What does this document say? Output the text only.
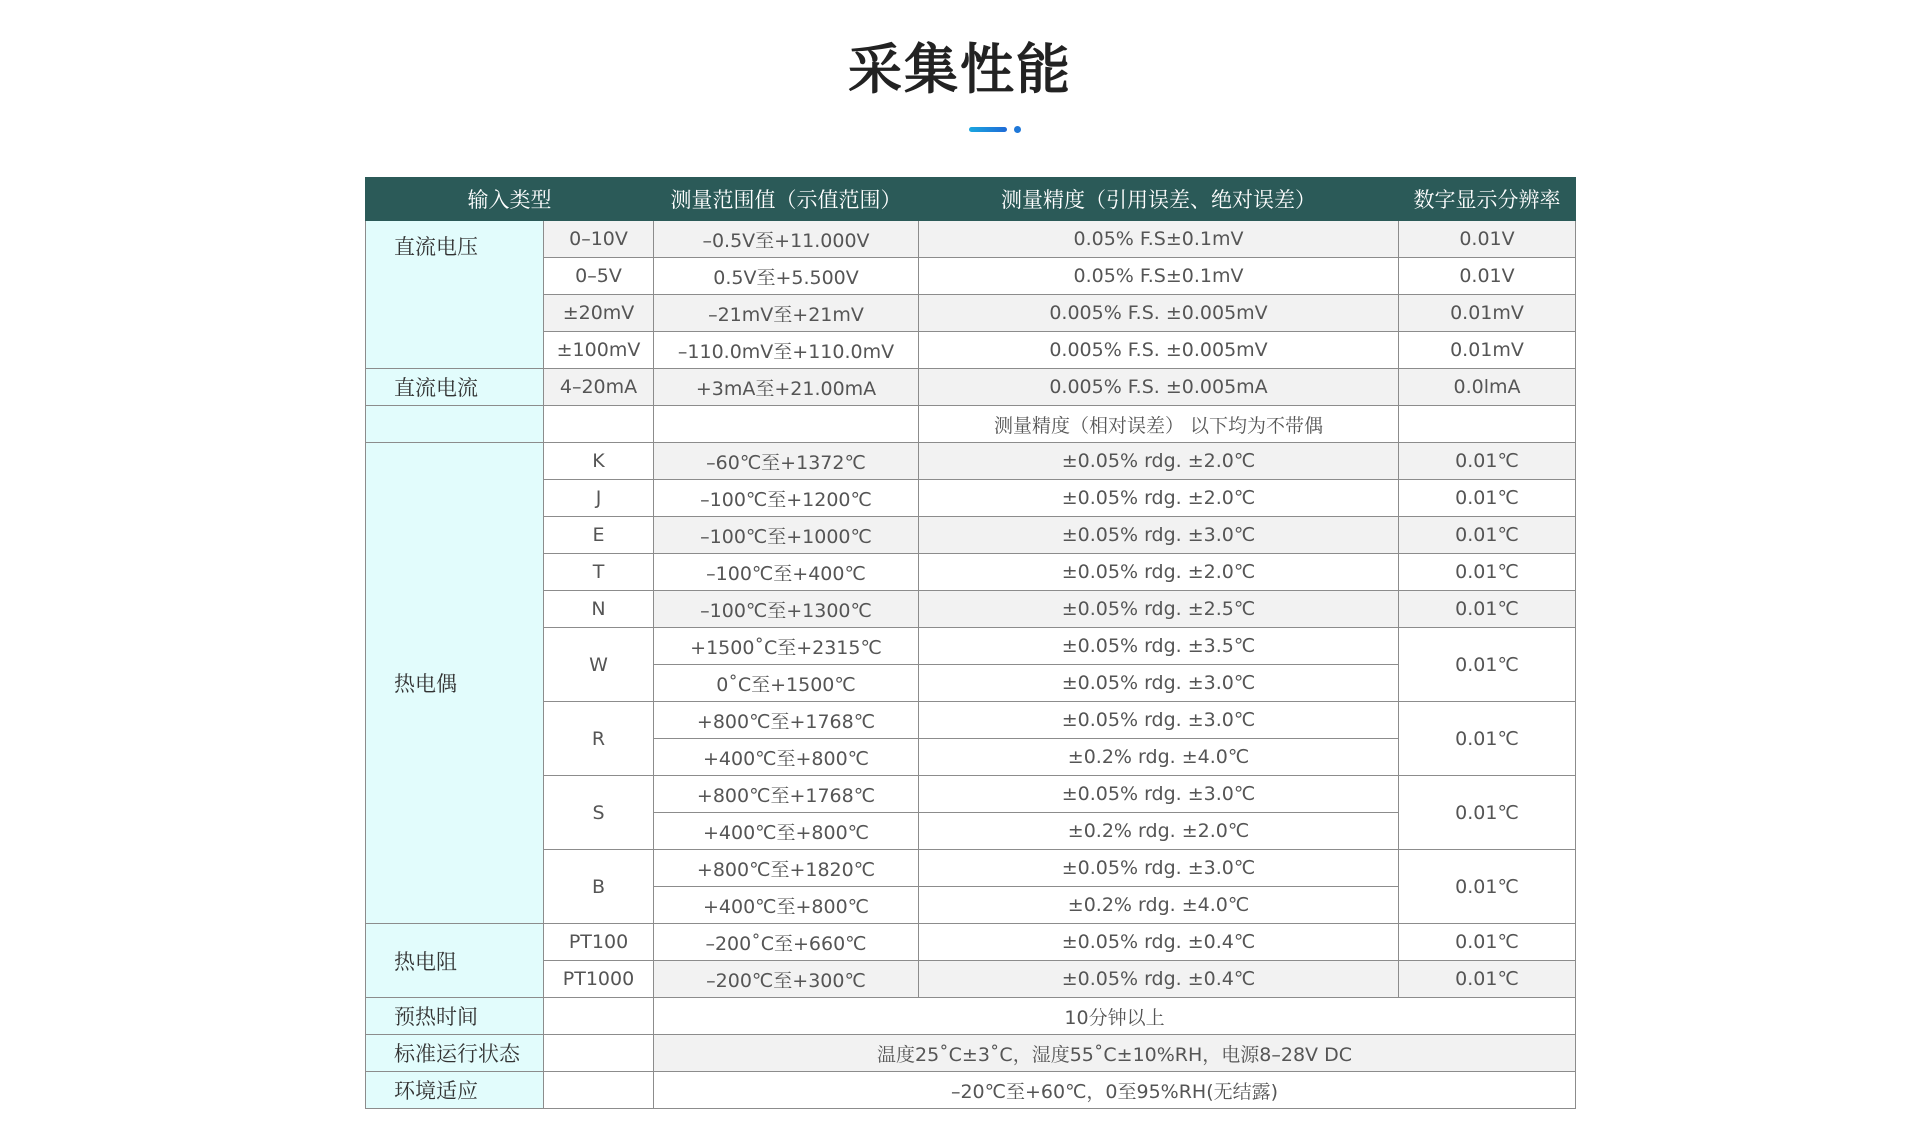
采集性能
输入类型		测量范围值（示值范围）	测量精度（引用误差、绝对误差）	数字显示分辨率
直流电压	0–10V	–0.5V至+11.000V	0.05% F.S±0.1mV	0.01V
	0–5V	0.5V至+5.500V	0.05% F.S±0.1mV	0.01V
	±20mV	–21mV至+21mV	0.005% F.S. ±0.005mV	0.01mV
	±100mV	–110.0mV至+110.0mV	0.005% F.S. ±0.005mV	0.01mV
直流电流	4–20mA	+3mA至+21.00mA	0.005% F.S. ±0.005mA	0.0lmA
			测量精度（相对误差） 以下均为不带偶	
热电偶	K	–60℃至+1372℃	±0.05% rdg. ±2.0℃	0.01℃
	J	–100℃至+1200℃	±0.05% rdg. ±2.0℃	0.01℃
	E	–100℃至+1000℃	±0.05% rdg. ±3.0℃	0.01℃
	T	–100℃至+400℃	±0.05% rdg. ±2.0℃	0.01℃
	N	–100℃至+1300℃	±0.05% rdg. ±2.5℃	0.01℃
	W	+1500˚C至+2315℃	±0.05% rdg. ±3.5℃	0.01℃
		0˚C至+1500℃	±0.05% rdg. ±3.0℃	
	R	+800℃至+1768℃	±0.05% rdg. ±3.0℃	0.01℃
		+400℃至+800℃	±0.2% rdg. ±4.0℃	
	S	+800℃至+1768℃	±0.05% rdg. ±3.0℃	0.01℃
		+400℃至+800℃	±0.2% rdg. ±2.0℃	
	B	+800℃至+1820℃	±0.05% rdg. ±3.0℃	0.01℃
		+400℃至+800℃	±0.2% rdg. ±4.0℃	
热电阻	PT100	–200˚C至+660℃	±0.05% rdg. ±0.4℃	0.01℃
	PT1000	–200℃至+300℃	±0.05% rdg. ±0.4℃	0.01℃
预热时间		10分钟以上		
标准运行状态		温度25˚C±3˚C，湿度55˚C±10%RH，电源8–28V DC		
环境适应		–20℃至+60℃，0至95%RH(无结露)		
